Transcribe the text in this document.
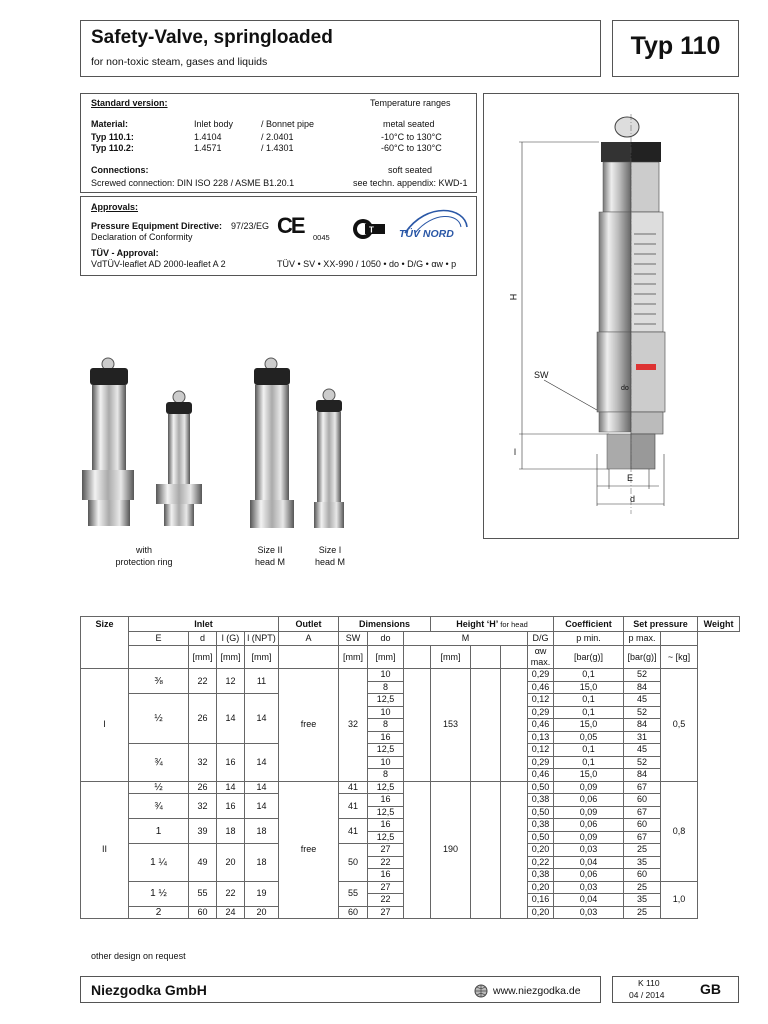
Safety-Valve, springloaded
for non-toxic steam, gases and liquids
Typ 110
Standard version:	Temperature ranges
Material:	Inlet body	/ Bonnet pipe	metal seated
Typ 110.1:	1.4104	/ 2.0401	-10°C to 130°C
Typ 110.2:	1.4571	/ 1.4301	-60°C to 130°C
Connections:	soft seated
Screwed connection: DIN ISO 228 / ASME B1.20.1	see techn. appendix: KWD-1
Approvals:
Pressure Equipment Directive: 97/23/EG
Declaration of Conformity	CE 0045
T TÜV NORD
TÜV - Approval:
VdTÜV-leaflet AD 2000-leaflet A 2	TÜV • SV • XX-990 / 1050 • do • D/G • αw • p
H
SW
do
l
E
d
with
protection ring
Size II
head M
Size I
head M
Size	Inlet				Outlet	Dimensions			Height ‘H’ for head				Coefficient	Set pressure		Weight
	E	d	l (G)	l (NPT)	A	SW	do	M				D/G	p min.	p max.		
		[mm]	[mm]	[mm]		[mm]	[mm]		[mm]			αw max.	[bar(g)]	[bar(g)]	~ [kg]	
I	⅜	22	12	11	free	32	10		153			0,29	0,1	52	0,5	
							8					0,46	15,0	84		
	½	26	14	14			12,5					0,12	0,1	45		
							10					0,29	0,1	52		
							8					0,46	15,0	84		
							16					0,13	0,05	31		
	¾	32	16	14			12,5					0,12	0,1	45		
							10					0,29	0,1	52		
							8					0,46	15,0	84		
II	½	26	14	14	free	41	12,5		190			0,50	0,09	67	0,8	
	¾	32	16	14		41	16					0,38	0,06	60		
							12,5					0,50	0,09	67		
	1	39	18	18		41	16					0,38	0,06	60		
							12,5					0,50	0,09	67		
	1 ¼	49	20	18		50	27					0,20	0,03	25		
							22					0,22	0,04	35		
							16					0,38	0,06	60		
	1 ½	55	22	19		55	27					0,20	0,03	25	1,0	
							22					0,16	0,04	35		
	2	60	24	20		60	27					0,20	0,03	25		
other design on request
Niezgodka GmbH	www.niezgodka.de
K 110
04 / 2014	GB
